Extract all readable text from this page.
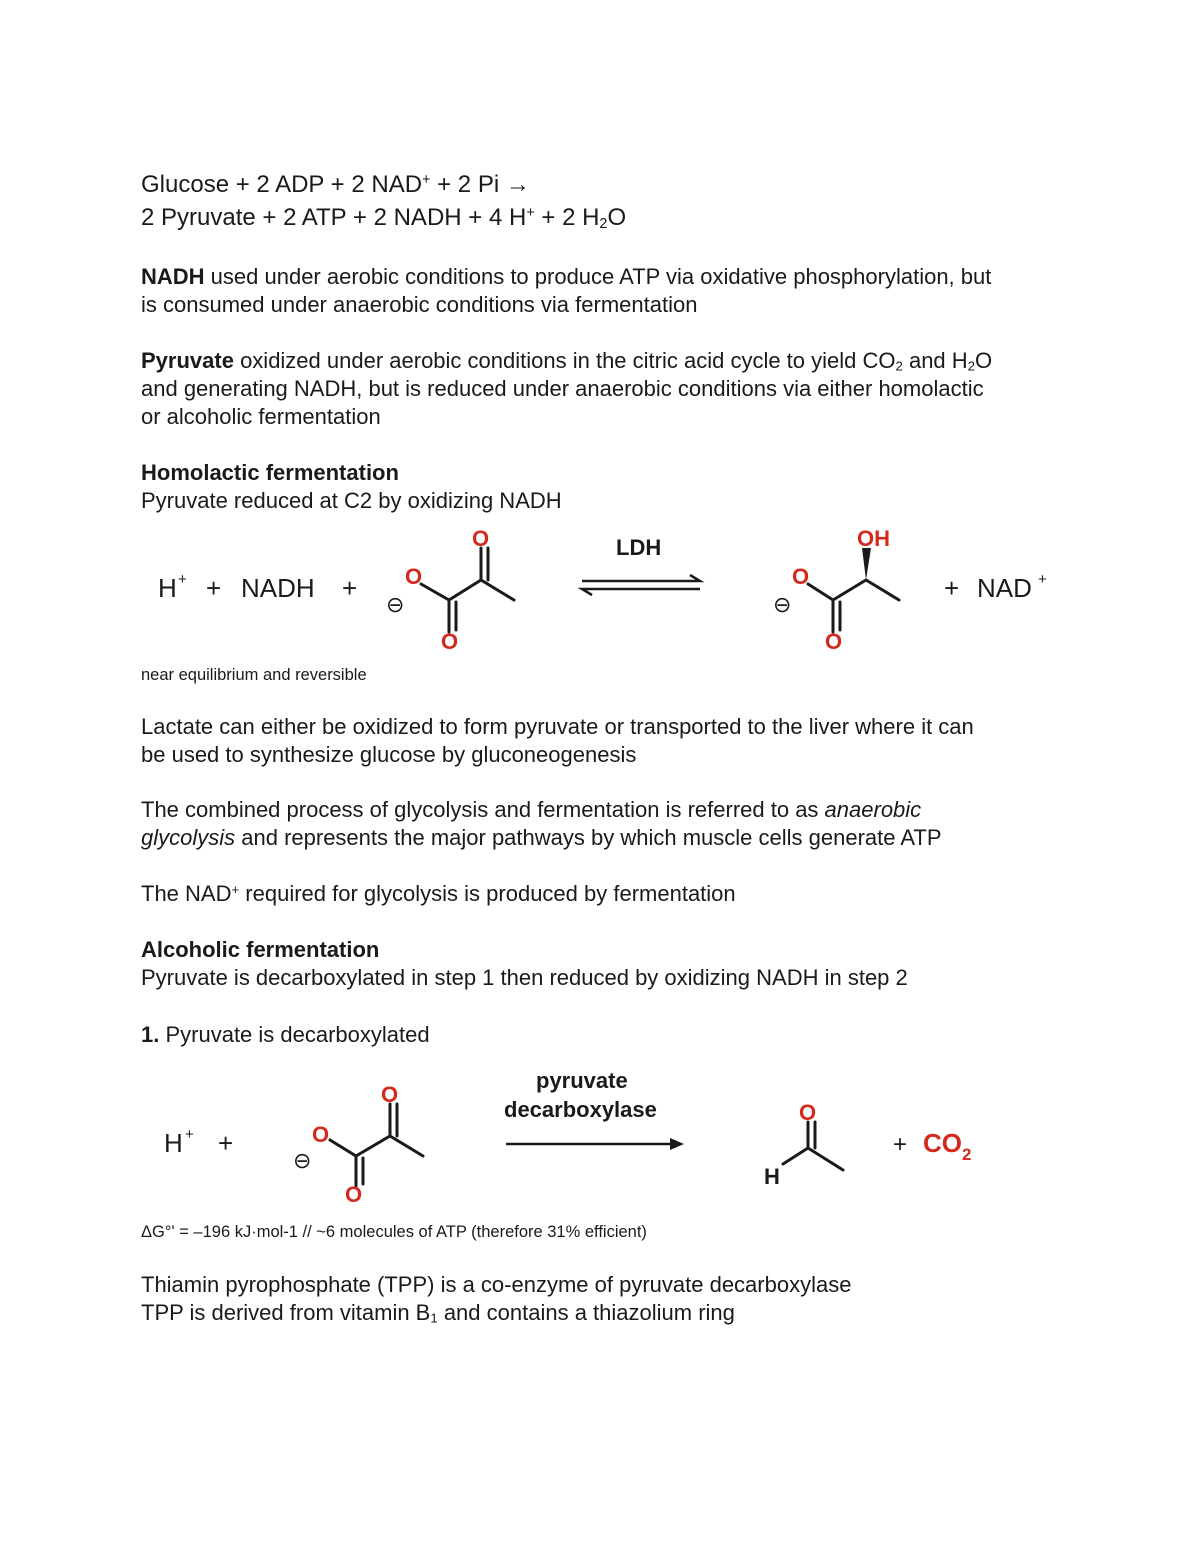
Glucose + 2 ADP + 2 NAD+ + 2 Pi →

2 Pyruvate + 2 ATP + 2 NADH + 4 H+ + 2 $H_2O$

NADH used under aerobic conditions to produce ATP via oxidative phosphorylation, but

is consumed under anaerobic conditions via fermentation

Pyruvate oxidized under aerobic conditions in the citric acid cycle to yield $CO_2$ and $H_2O$

and generating NADH, but is reduced under anaerobic conditions via either homolactic

or alcoholic fermentation

Homolactic fermentation

Pyruvate reduced at C2 by oxidizing NADH

H + + NADH +
O
O
O
⊖
LDH	OH
O
O
⊖
+ NAD +

near equilibrium and reversible

Lactate can either be oxidized to form pyruvate or transported to the liver where it can

be used to synthesize glucose by gluconeogenesis

The combined process of glycolysis and fermentation is referred to as anaerobic

glycolysis and represents the major pathways by which muscle cells generate ATP

The NAD+ required for glycolysis is produced by fermentation

Alcoholic fermentation

Pyruvate is decarboxylated in step 1 then reduced by oxidizing NADH in step 2

1. Pyruvate is decarboxylated

H + +
O
O
O
⊖
pyruvate
decarboxylase	O
H
+ CO 2

ΔG°' = –196 kJ·mol-1 // ~6 molecules of ATP (therefore 31% efficient)

Thiamin pyrophosphate (TPP) is a co-enzyme of pyruvate decarboxylase

TPP is derived from vitamin $B_1$ and contains a thiazolium ring
